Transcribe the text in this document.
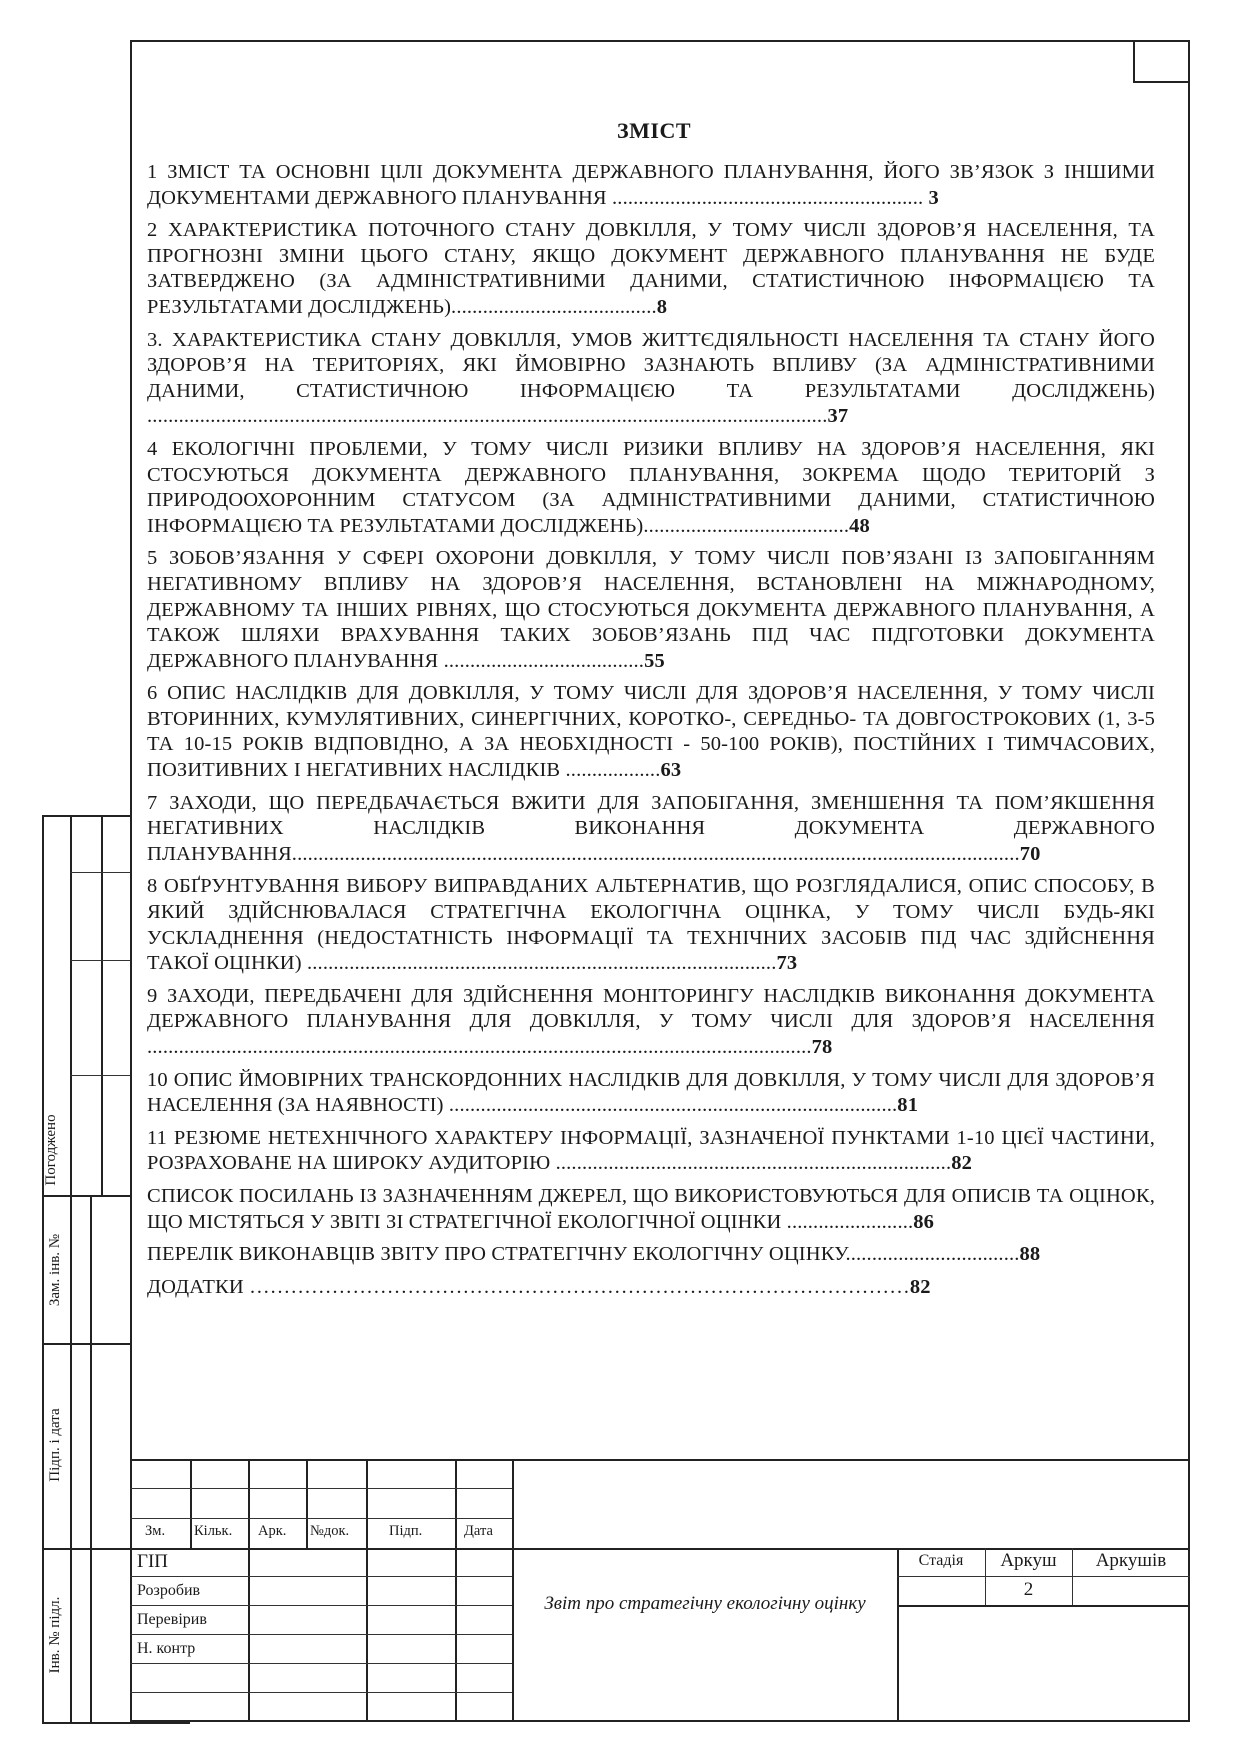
ЗМІСТ
1 ЗМІСТ ТА ОСНОВНІ ЦІЛІ ДОКУМЕНТА ДЕРЖАВНОГО ПЛАНУВАННЯ, ЙОГО ЗВ’ЯЗОК З ІНШИМИ ДОКУМЕНТАМИ ДЕРЖАВНОГО ПЛАНУВАННЯ ........................................................... 3
2 ХАРАКТЕРИСТИКА ПОТОЧНОГО СТАНУ ДОВКІЛЛЯ, У ТОМУ ЧИСЛІ ЗДОРОВ’Я НАСЕЛЕННЯ, ТА ПРОГНОЗНІ ЗМІНИ ЦЬОГО СТАНУ, ЯКЩО ДОКУМЕНТ ДЕРЖАВНОГО ПЛАНУВАННЯ НЕ БУДЕ ЗАТВЕРДЖЕНО (ЗА АДМІНІСТРАТИВНИМИ ДАНИМИ, СТАТИСТИЧНОЮ ІНФОРМАЦІЄЮ ТА РЕЗУЛЬТАТАМИ ДОСЛІДЖЕНЬ).......................................8
3. ХАРАКТЕРИСТИКА СТАНУ ДОВКІЛЛЯ, УМОВ ЖИТТЄДІЯЛЬНОСТІ НАСЕЛЕННЯ ТА СТАНУ ЙОГО ЗДОРОВ’Я НА ТЕРИТОРІЯХ, ЯКІ ЙМОВІРНО ЗАЗНАЮТЬ ВПЛИВУ (ЗА АДМІНІСТРАТИВНИМИ ДАНИМИ, СТАТИСТИЧНОЮ ІНФОРМАЦІЄЮ ТА РЕЗУЛЬТАТАМИ ДОСЛІДЖЕНЬ) .................................................................................................................................37
4 ЕКОЛОГІЧНІ ПРОБЛЕМИ, У ТОМУ ЧИСЛІ РИЗИКИ ВПЛИВУ НА ЗДОРОВ’Я НАСЕЛЕННЯ, ЯКІ СТОСУЮТЬСЯ ДОКУМЕНТА ДЕРЖАВНОГО ПЛАНУВАННЯ, ЗОКРЕМА ЩОДО ТЕРИТОРІЙ З ПРИРОДООХОРОННИМ СТАТУСОМ (ЗА АДМІНІСТРАТИВНИМИ ДАНИМИ, СТАТИСТИЧНОЮ ІНФОРМАЦІЄЮ ТА РЕЗУЛЬТАТАМИ ДОСЛІДЖЕНЬ).......................................48
5 ЗОБОВ’ЯЗАННЯ У СФЕРІ ОХОРОНИ ДОВКІЛЛЯ, У ТОМУ ЧИСЛІ ПОВ’ЯЗАНІ ІЗ ЗАПОБІГАННЯМ НЕГАТИВНОМУ ВПЛИВУ НА ЗДОРОВ’Я НАСЕЛЕННЯ, ВСТАНОВЛЕНІ НА МІЖНАРОДНОМУ, ДЕРЖАВНОМУ ТА ІНШИХ РІВНЯХ, ЩО СТОСУЮТЬСЯ ДОКУМЕНТА ДЕРЖАВНОГО ПЛАНУВАННЯ, А ТАКОЖ ШЛЯХИ ВРАХУВАННЯ ТАКИХ ЗОБОВ’ЯЗАНЬ ПІД ЧАС ПІДГОТОВКИ ДОКУМЕНТА ДЕРЖАВНОГО ПЛАНУВАННЯ ......................................55
6 ОПИС НАСЛІДКІВ ДЛЯ ДОВКІЛЛЯ, У ТОМУ ЧИСЛІ ДЛЯ ЗДОРОВ’Я НАСЕЛЕННЯ, У ТОМУ ЧИСЛІ ВТОРИННИХ, КУМУЛЯТИВНИХ, СИНЕРГІЧНИХ, КОРОТКО-, СЕРЕДНЬО- ТА ДОВГОСТРОКОВИХ (1, 3-5 ТА 10-15 РОКІВ ВІДПОВІДНО, А ЗА НЕОБХІДНОСТІ - 50-100 РОКІВ), ПОСТІЙНИХ І ТИМЧАСОВИХ, ПОЗИТИВНИХ І НЕГАТИВНИХ НАСЛІДКІВ ..................63
7 ЗАХОДИ, ЩО ПЕРЕДБАЧАЄТЬСЯ ВЖИТИ ДЛЯ ЗАПОБІГАННЯ, ЗМЕНШЕННЯ ТА ПОМ’ЯКШЕННЯ НЕГАТИВНИХ НАСЛІДКІВ ВИКОНАННЯ ДОКУМЕНТА ДЕРЖАВНОГО ПЛАНУВАННЯ..........................................................................................................................................70
8 ОБҐРУНТУВАННЯ ВИБОРУ ВИПРАВДАНИХ АЛЬТЕРНАТИВ, ЩО РОЗГЛЯДАЛИСЯ, ОПИС СПОСОБУ, В ЯКИЙ ЗДІЙСНЮВАЛАСЯ СТРАТЕГІЧНА ЕКОЛОГІЧНА ОЦІНКА, У ТОМУ ЧИСЛІ БУДЬ-ЯКІ УСКЛАДНЕННЯ (НЕДОСТАТНІСТЬ ІНФОРМАЦІЇ ТА ТЕХНІЧНИХ ЗАСОБІВ ПІД ЧАС ЗДІЙСНЕННЯ ТАКОЇ ОЦІНКИ) .........................................................................................73
9 ЗАХОДИ, ПЕРЕДБАЧЕНІ ДЛЯ ЗДІЙСНЕННЯ МОНІТОРИНГУ НАСЛІДКІВ ВИКОНАННЯ ДОКУМЕНТА ДЕРЖАВНОГО ПЛАНУВАННЯ ДЛЯ ДОВКІЛЛЯ, У ТОМУ ЧИСЛІ ДЛЯ ЗДОРОВ’Я НАСЕЛЕННЯ ..............................................................................................................................78
10 ОПИС ЙМОВІРНИХ ТРАНСКОРДОННИХ НАСЛІДКІВ ДЛЯ ДОВКІЛЛЯ, У ТОМУ ЧИСЛІ ДЛЯ ЗДОРОВ’Я НАСЕЛЕННЯ (ЗА НАЯВНОСТІ) .....................................................................................81
11 РЕЗЮМЕ НЕТЕХНІЧНОГО ХАРАКТЕРУ ІНФОРМАЦІЇ, ЗАЗНАЧЕНОЇ ПУНКТАМИ 1-10 ЦІЄЇ ЧАСТИНИ, РОЗРАХОВАНЕ НА ШИРОКУ АУДИТОРІЮ ...........................................................................82
СПИСОК ПОСИЛАНЬ ІЗ ЗАЗНАЧЕННЯМ ДЖЕРЕЛ, ЩО ВИКОРИСТОВУЮТЬСЯ ДЛЯ ОПИСІВ ТА ОЦІНОК, ЩО МІСТЯТЬСЯ У ЗВІТІ ЗІ СТРАТЕГІЧНОЇ ЕКОЛОГІЧНОЇ ОЦІНКИ ........................86
ПЕРЕЛІК ВИКОНАВЦІВ ЗВІТУ ПРО СТРАТЕГІЧНУ ЕКОЛОГІЧНУ ОЦІНКУ.................................88
ДОДАТКИ ……………………………………………………………………………………82
Погоджено
Зам. інв. №
Підп. і дата
Інв. № підл.
Зм. Кільк. Арк. №док.	Підп.	Дата
ГІП
Розробив
Перевірив
Н. контр
Звіт про стратегічну екологічну оцінку
Стадія	Аркуш	Аркушів
2
